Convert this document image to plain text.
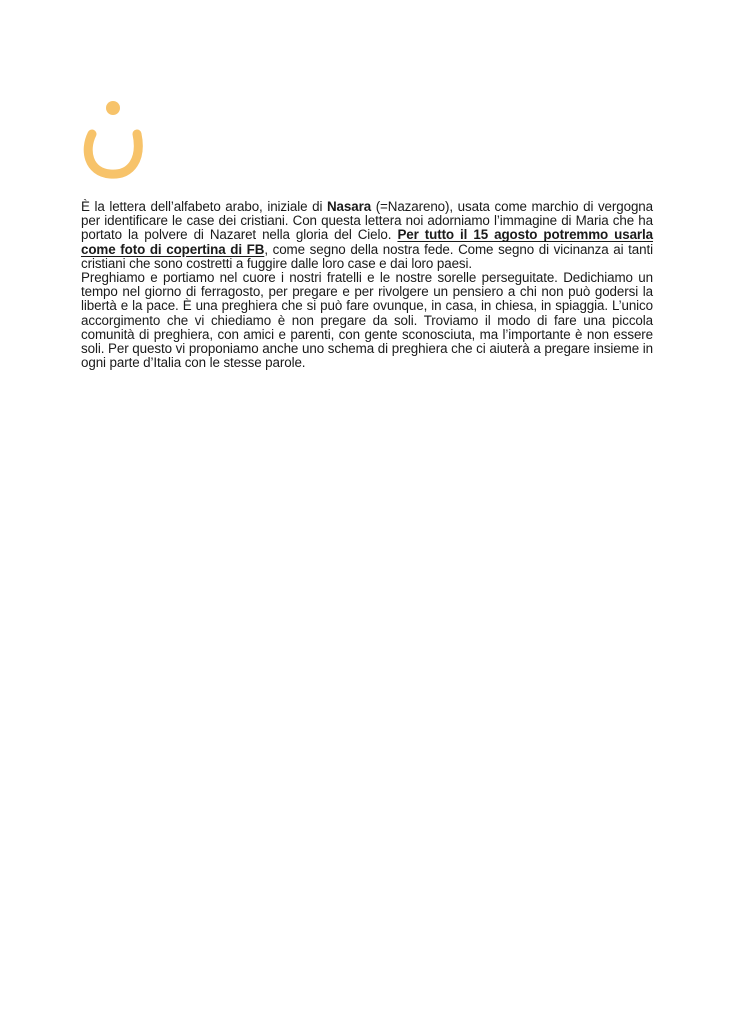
È la lettera dell’alfabeto arabo, iniziale di Nasara (=Nazareno), usata come marchio di vergogna per identificare le case dei cristiani. Con questa lettera noi adorniamo l’immagine di Maria che ha portato la polvere di Nazaret nella gloria del Cielo. Per tutto il 15 agosto potremmo usarla come foto di copertina di FB, come segno della nostra fede. Come segno di vicinanza ai tanti cristiani che sono costretti a fuggire dalle loro case e dai loro paesi.

Preghiamo e portiamo nel cuore i nostri fratelli e le nostre sorelle perseguitate. Dedichiamo un tempo nel giorno di ferragosto, per pregare e per rivolgere un pensiero a chi non può godersi la libertà e la pace. È una preghiera che si può fare ovunque, in casa, in chiesa, in spiaggia. L’unico accorgimento che vi chiediamo è non pregare da soli. Troviamo il modo di fare una piccola comunità di preghiera, con amici e parenti, con gente sconosciuta, ma l’importante è non essere soli. Per questo vi proponiamo anche uno schema di preghiera che ci aiuterà a pregare insieme in ogni parte d’Italia con le stesse parole.
